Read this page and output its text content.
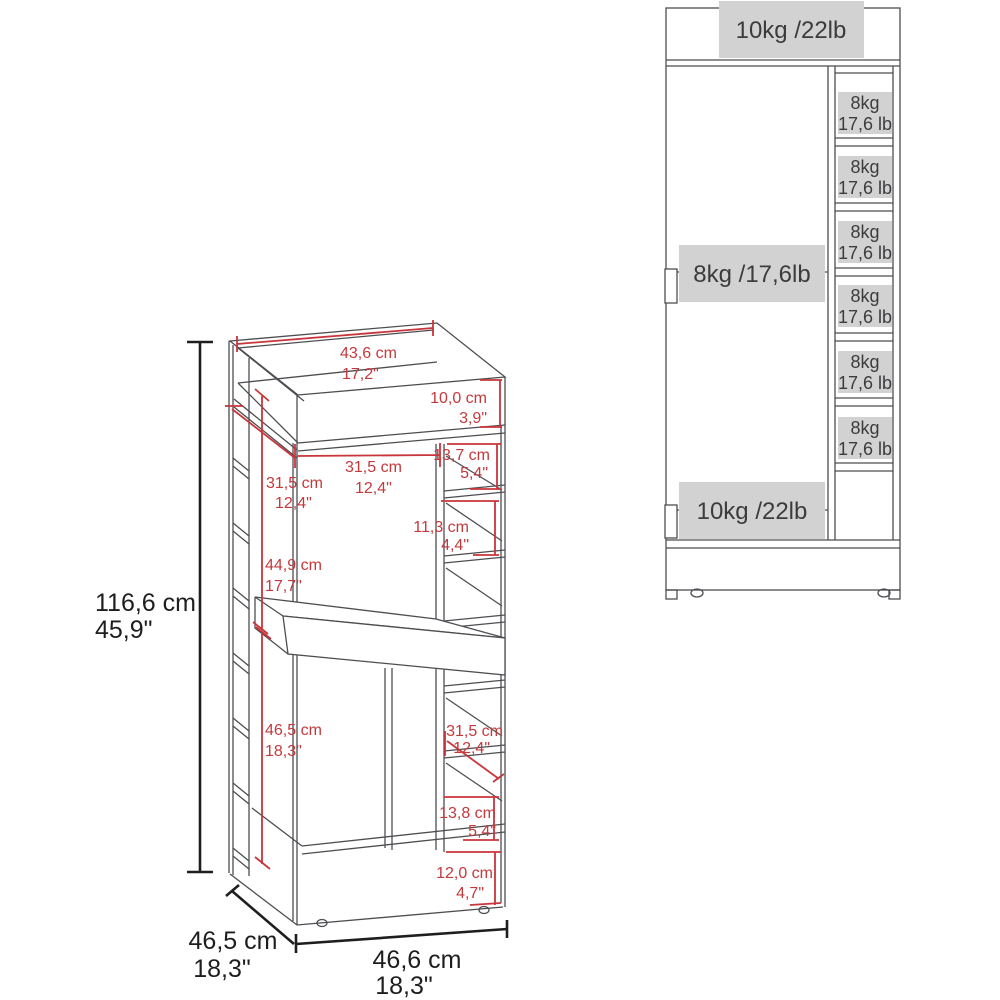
43,6 cm
17,2"
10,0 cm
3,9"
31,5 cm
12,4"
31,5 cm
12,4"
13,7 cm
5,4"
11,3 cm
4,4"
44,9 cm
17,7"
46,5 cm
18,3"
31,5 cm
12,4"
13,8 cm
5,4"
12,0 cm
4,7"
116,6 cm
45,9"
46,5 cm
18,3"	46,6 cm
18,3"
10kg /22lb
8kg /17,6lb
10kg /22lb
8kg
17,6 lb
8kg
17,6 lb
8kg
17,6 lb
8kg
17,6 lb
8kg
17,6 lb
8kg
17,6 lb
